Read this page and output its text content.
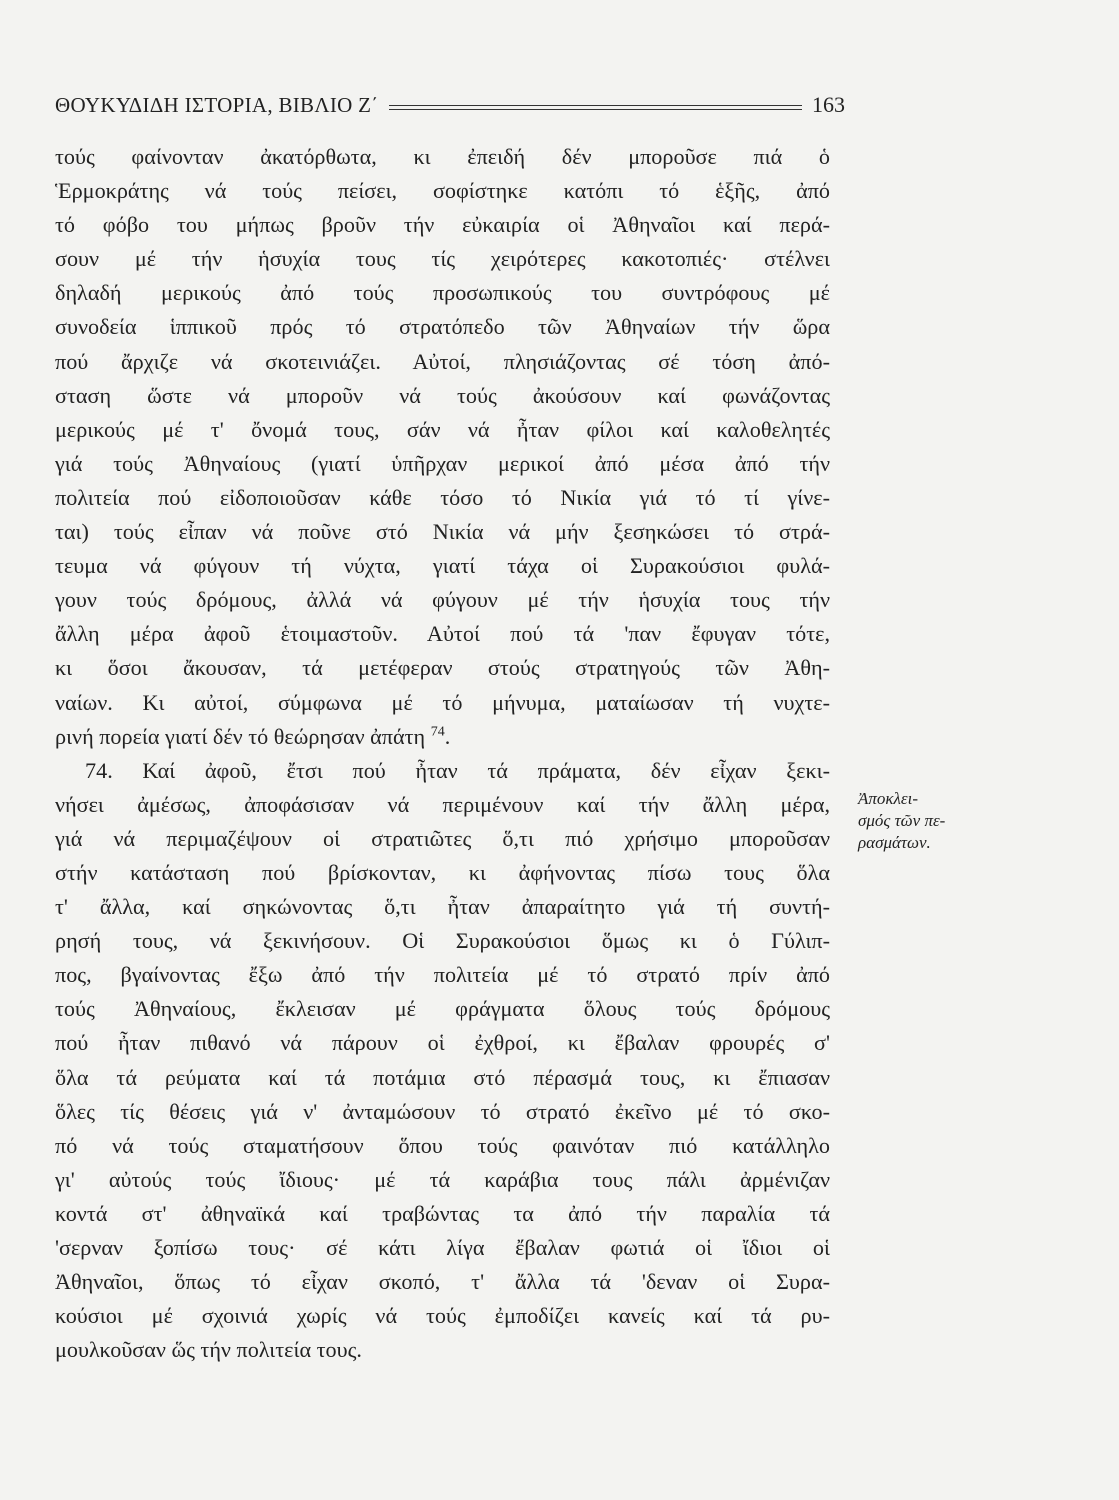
ΘΟΥΚΥΔΙΔΗ ΙΣΤΟΡΙΑ, ΒΙΒΛΙΟ Ζ΄	163
τούς φαίνονταν ἀκατόρθωτα, κι ἐπειδή δέν μποροῦσε πιά ὁ
Ἑρμοκράτης νά τούς πείσει, σοφίστηκε κατόπι τό ἑξῆς, ἀπό
τό φόβο του μήπως βροῦν τήν εὐκαιρία οἱ Ἀθηναῖοι καί περά-
σουν μέ τήν ἡσυχία τους τίς χειρότερες κακοτοπιές· στέλνει
δηλαδή μερικούς ἀπό τούς προσωπικούς του συντρόφους μέ
συνοδεία ἱππικοῦ πρός τό στρατόπεδο τῶν Ἀθηναίων τήν ὥρα
πού ἄρχιζε νά σκοτεινιάζει. Αὐτοί, πλησιάζοντας σέ τόση ἀπό-
σταση ὥστε νά μποροῦν νά τούς ἀκούσουν καί φωνάζοντας
μερικούς μέ τ' ὄνομά τους, σάν νά ἦταν φίλοι καί καλοθελητές
γιά τούς Ἀθηναίους (γιατί ὑπῆρχαν μερικοί ἀπό μέσα ἀπό τήν
πολιτεία πού εἰδοποιοῦσαν κάθε τόσο τό Νικία γιά τό τί γίνε-
ται) τούς εἶπαν νά ποῦνε στό Νικία νά μήν ξεσηκώσει τό στρά-
τευμα νά φύγουν τή νύχτα, γιατί τάχα οἱ Συρακούσιοι φυλά-
γουν τούς δρόμους, ἀλλά νά φύγουν μέ τήν ἡσυχία τους τήν
ἄλλη μέρα ἀφοῦ ἑτοιμαστοῦν. Αὐτοί πού τά 'παν ἔφυγαν τότε,
κι ὅσοι ἄκουσαν, τά μετέφεραν στούς στρατηγούς τῶν Ἀθη-
ναίων. Κι αὐτοί, σύμφωνα μέ τό μήνυμα, ματαίωσαν τή νυχτε-
ρινή πορεία γιατί δέν τό θεώρησαν ἀπάτη $^{74}$.
74. Καί ἀφοῦ, ἔτσι πού ἦταν τά πράματα, δέν εἶχαν ξεκι-
νήσει ἀμέσως, ἀποφάσισαν νά περιμένουν καί τήν ἄλλη μέρα,
γιά νά περιμαζέψουν οἱ στρατιῶτες ὅ,τι πιό χρήσιμο μποροῦσαν
στήν κατάσταση πού βρίσκονταν, κι ἀφήνοντας πίσω τους ὅλα
τ' ἄλλα, καί σηκώνοντας ὅ,τι ἦταν ἀπαραίτητο γιά τή συντή-
ρησή τους, νά ξεκινήσουν. Οἱ Συρακούσιοι ὅμως κι ὁ Γύλιπ-
πος, βγαίνοντας ἔξω ἀπό τήν πολιτεία μέ τό στρατό πρίν ἀπό
τούς Ἀθηναίους, ἔκλεισαν μέ φράγματα ὅλους τούς δρόμους
πού ἦταν πιθανό νά πάρουν οἱ ἐχθροί, κι ἔβαλαν φρουρές σ'
ὅλα τά ρεύματα καί τά ποτάμια στό πέρασμά τους, κι ἔπιασαν
ὅλες τίς θέσεις γιά ν' ἀνταμώσουν τό στρατό ἐκεῖνο μέ τό σκο-
πό νά τούς σταματήσουν ὅπου τούς φαινόταν πιό κατάλληλο
γι' αὐτούς τούς ἴδιους· μέ τά καράβια τους πάλι ἀρμένιζαν
κοντά στ' ἀθηναϊκά καί τραβώντας τα ἀπό τήν παραλία τά
'σερναν ξοπίσω τους· σέ κάτι λίγα ἔβαλαν φωτιά οἱ ἴδιοι οἱ
Ἀθηναῖοι, ὅπως τό εἶχαν σκοπό, τ' ἄλλα τά 'δεναν οἱ Συρα-
κούσιοι μέ σχοινιά χωρίς νά τούς ἐμποδίζει κανείς καί τά ρυ-
μουλκοῦσαν ὥς τήν πολιτεία τους.
Ἀποκλει-
σμός τῶν πε-
ρασμάτων.
